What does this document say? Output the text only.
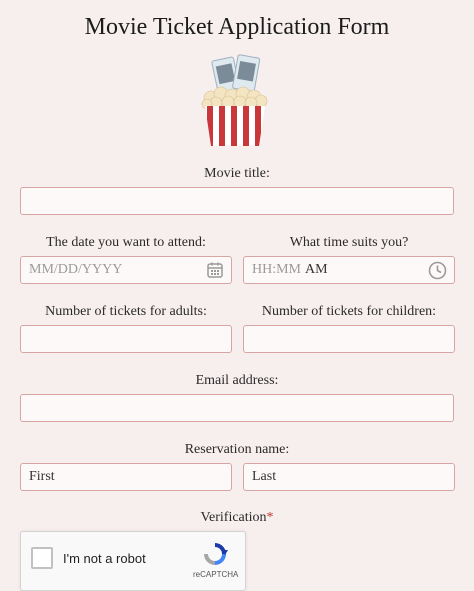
Movie Ticket Application Form
Movie title:
The date you want to attend:	What time suits you?
MM/DD/YYYY	HH:MM AM
Number of tickets for adults:	Number of tickets for children:
Email address:
Reservation name:
First	Last
Verification*
I'm not a robot
reCAPTCHA
